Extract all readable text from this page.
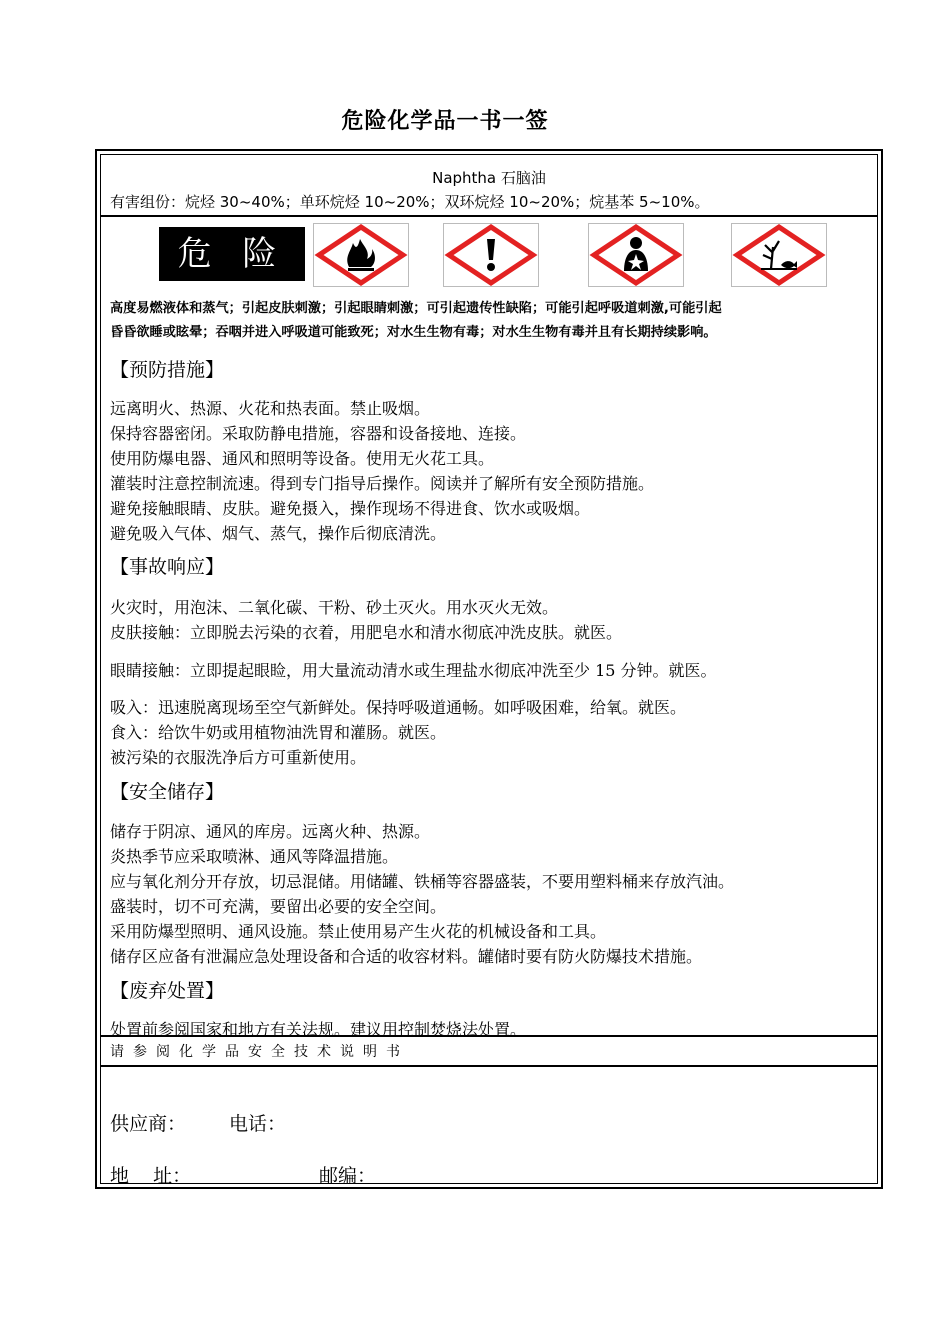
危险化学品一书一签
Naphtha 石脑油
有害组份：烷烃 30~40%；单环烷烃 10~20%；双环烷烃 10~20%；烷基苯 5~10%。
危 险
高度易燃液体和蒸气；引起皮肤刺激；引起眼睛刺激；可引起遗传性缺陷；可能引起呼吸道刺激,可能引起
昏昏欲睡或眩晕；吞咽并进入呼吸道可能致死；对水生生物有毒；对水生生物有毒并且有长期持续影响。
【预防措施】
远离明火、热源、火花和热表面。禁止吸烟。
保持容器密闭。采取防静电措施，容器和设备接地、连接。
使用防爆电器、通风和照明等设备。使用无火花工具。
灌装时注意控制流速。得到专门指导后操作。阅读并了解所有安全预防措施。
避免接触眼睛、皮肤。避免摄入，操作现场不得进食、饮水或吸烟。
避免吸入气体、烟气、蒸气，操作后彻底清洗。
【事故响应】
火灾时，用泡沫、二氧化碳、干粉、砂土灭火。用水灭火无效。
皮肤接触：立即脱去污染的衣着，用肥皂水和清水彻底冲洗皮肤。就医。
眼睛接触：立即提起眼睑，用大量流动清水或生理盐水彻底冲洗至少 15 分钟。就医。
吸入：迅速脱离现场至空气新鲜处。保持呼吸道通畅。如呼吸困难，给氧。就医。
食入：给饮牛奶或用植物油洗胃和灌肠。就医。
被污染的衣服洗净后方可重新使用。
【安全储存】
储存于阴凉、通风的库房。远离火种、热源。
炎热季节应采取喷淋、通风等降温措施。
应与氧化剂分开存放，切忌混储。用储罐、铁桶等容器盛装，不要用塑料桶来存放汽油。
盛装时，切不可充满，要留出必要的安全空间。
采用防爆型照明、通风设施。禁止使用易产生火花的机械设备和工具。
储存区应备有泄漏应急处理设备和合适的收容材料。罐储时要有防火防爆技术措施。
【废弃处置】
处置前参阅国家和地方有关法规。建议用控制焚烧法处置。
请参阅化学品安全技术说明书
供应商： 电话：
地    址：	邮编：
